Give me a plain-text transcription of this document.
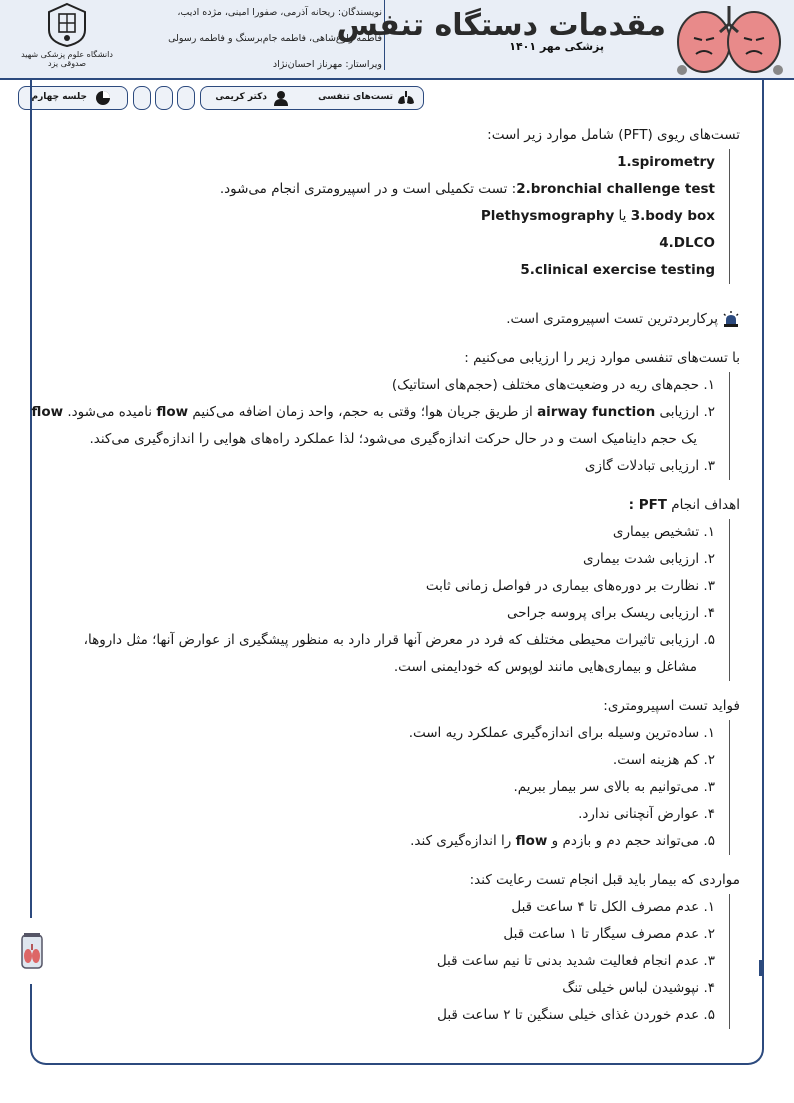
دانشگاه علوم پزشکی شهید صدوقی یزد
نویسندگان: ریحانه آذرمی، صفورا امینی، مژده ادیب،
فاطمه زارع‌شاهی، فاطمه جام‌برسنگ و فاطمه رسولی
ویراستار: مهرناز احسان‌نژاد
مقدمات دستگاه تنفس
پزشکی مهر ۱۴۰۱
جلسه چهارم	تست‌های تنفسی
دکتر کریمی

تست‌های ریوی (PFT) شامل موارد زیر است:

1.spirometry
2.bronchial challenge test: تست تکمیلی است و در اسپیرومتری انجام می‌شود.
3.body box یا Plethysmography
4.DLCO
5.clinical exercise testing
پرکاربردترین تست اسپیرومتری است.

با تست‌های تنفسی موارد زیر را ارزیابی می‌کنیم :

۱. حجم‌های ریه در وضعیت‌های مختلف (حجم‌های استاتیک)
۲. ارزیابی airway function از طریق جریان هوا؛ وقتی به حجم، واحد زمان اضافه می‌کنیم flow نامیده می‌شود. flow
یک حجم داینامیک است و در حال حرکت اندازه‌گیری می‌شود؛ لذا عملکرد راه‌های هوایی را اندازه‌گیری می‌کند.
۳. ارزیابی تبادلات گازی

اهداف انجام PFT :

۱. تشخیص بیماری
۲. ارزیابی شدت بیماری
۳. نظارت بر دوره‌های بیماری در فواصل زمانی ثابت
۴. ارزیابی ریسک برای پروسه جراحی
۵. ارزیابی تاثیرات محیطی مختلف که فرد در معرض آنها قرار دارد به منظور پیشگیری از عوارض آنها؛ مثل داروها،
مشاغل و بیماری‌هایی مانند لوپوس که خودایمنی است.

فواید تست اسپیرومتری:

۱. ساده‌ترین وسیله برای اندازه‌گیری عملکرد ریه است.
۲. کم هزینه است.
۳. می‌توانیم به بالای سر بیمار ببریم.
۴. عوارض آنچنانی ندارد.
۵. می‌تواند حجم دم و بازدم و flow را اندازه‌گیری کند.

مواردی که بیمار باید قبل انجام تست رعایت کند:

۱. عدم مصرف الکل تا ۴ ساعت قبل
۲. عدم مصرف سیگار تا ۱ ساعت قبل
۳. عدم انجام فعالیت شدید بدنی تا نیم ساعت قبل
۴. نپوشیدن لباس خیلی تنگ
۵. عدم خوردن غذای خیلی سنگین تا ۲ ساعت قبل
